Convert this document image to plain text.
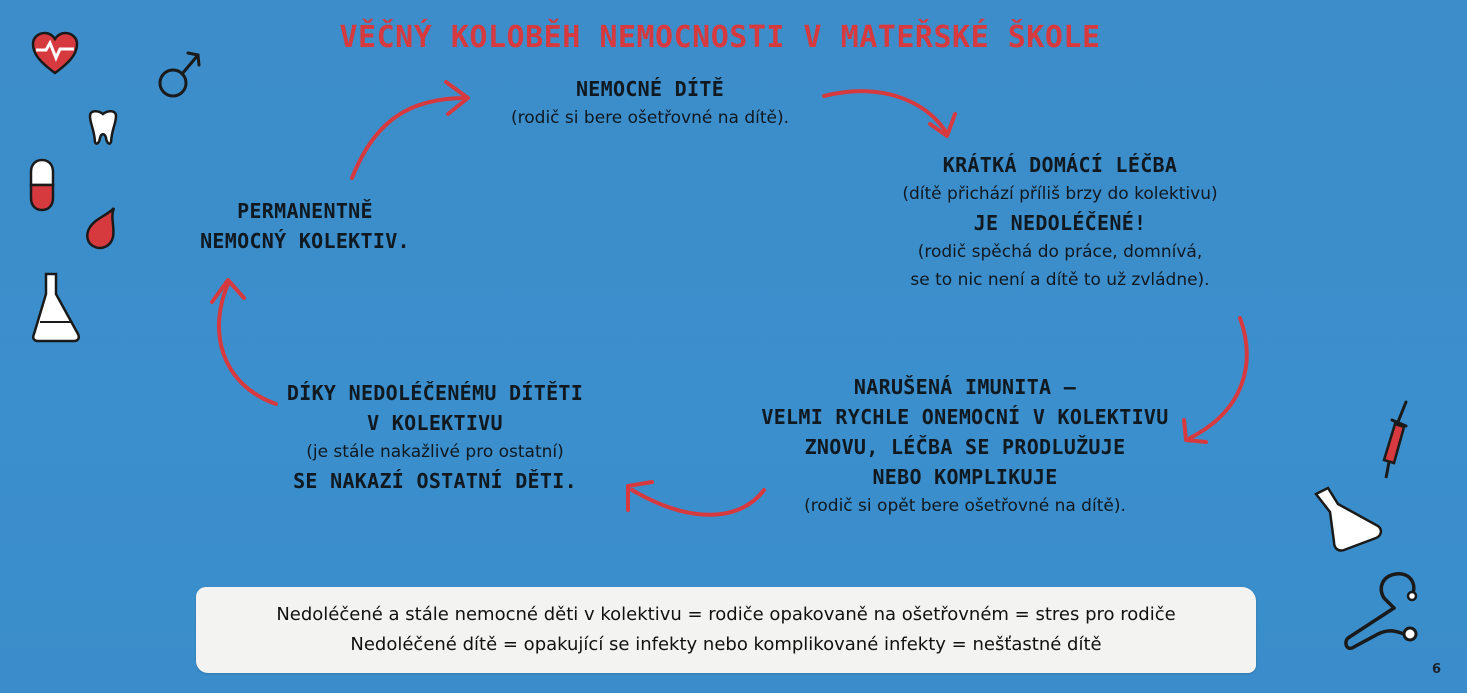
VĚČNÝ KOLOBĚH NEMOCNOSTI V MATEŘSKÉ ŠKOLE
NEMOCNÉ DÍTĚ
(rodič si bere ošetřovné na dítě).
KRÁTKÁ DOMÁCÍ LÉČBA
(dítě přichází příliš brzy do kolektivu)
JE NEDOLÉČENÉ!
(rodič spěchá do práce, domnívá,
se to nic není a dítě to už zvládne).
NARUŠENÁ IMUNITA –
VELMI RYCHLE ONEMOCNÍ V KOLEKTIVU
ZNOVU, LÉČBA SE PRODLUŽUJE
NEBO KOMPLIKUJE
(rodič si opět bere ošetřovné na dítě).
DÍKY NEDOLÉČENÉMU DÍTĚTI
V KOLEKTIVU
(je stále nakažlivé pro ostatní)
SE NAKAZÍ OSTATNÍ DĚTI.
PERMANENTNĚ
NEMOCNÝ KOLEKTIV.
Nedoléčené a stále nemocné děti v kolektivu = rodiče opakovaně na ošetřovném = stres pro rodiče
Nedoléčené dítě = opakující se infekty nebo komplikované infekty = nešťastné dítě
6
